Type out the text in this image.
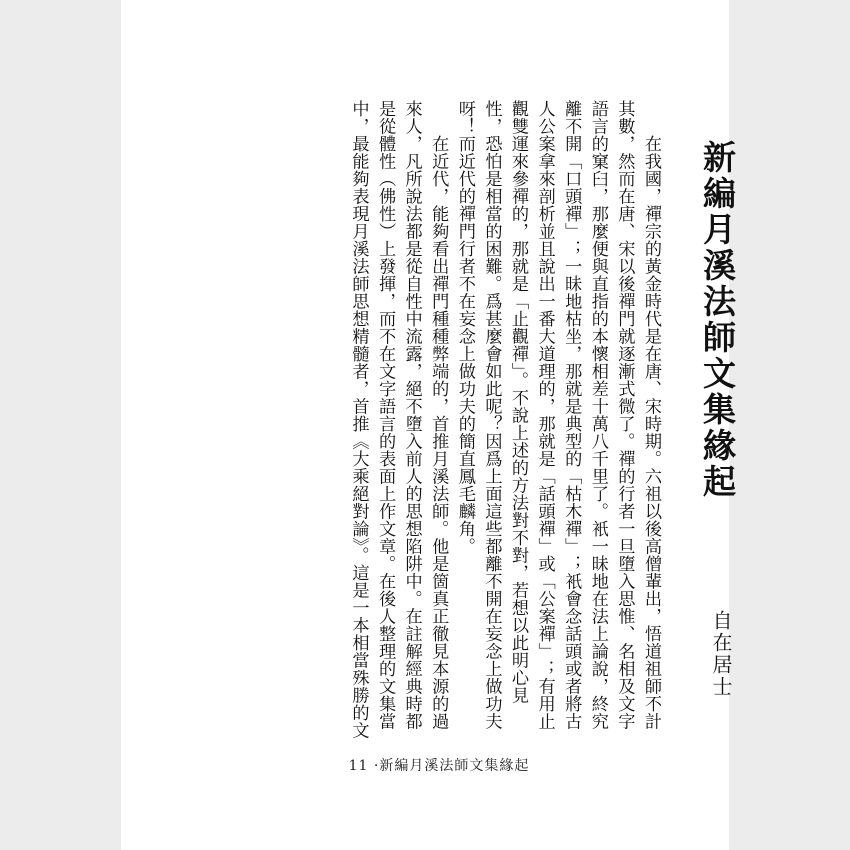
新編月溪法師文集緣起
自在居士

　　在我國，禪宗的黃金時代是在唐、宋時期。六祖以後高僧輩出，悟道祖師不計

其數，然而在唐、宋以後禪門就逐漸式微了。禪的行者一旦墮入思惟、名相及文字

語言的窠臼，那麼便與直指的本懷相差十萬八千里了。衹一昧地在法上論說，終究

離不開「口頭禪」；一昧地枯坐，那就是典型的「枯木禪」；衹會念話頭或者將古

人公案拿來剖析並且說出一番大道理的，那就是「話頭禪」或「公案禪」；有用止

觀雙運來參禪的，那就是「止觀禪」。不說上述的方法對不對，若想以此明心見

性，恐怕是相當的困難。爲甚麼會如此呢？因爲上面這些都離不開在妄念上做功夫

呀！而近代的禪門行者不在妄念上做功夫的簡直鳳毛麟角。

　　在近代，能夠看出禪門種種弊端的，首推月溪法師。他是箇真正徹見本源的過

來人，凡所說法都是從自性中流露，絕不墮入前人的思想陷阱中。在註解經典時都

是從體性（佛性）上發揮，而不在文字語言的表面上作文章。在後人整理的文集當

中，最能夠表現月溪法師思想精髓者，首推《大乘絕對論》。這是一本相當殊勝的文

11 ·新編月溪法師文集緣起
